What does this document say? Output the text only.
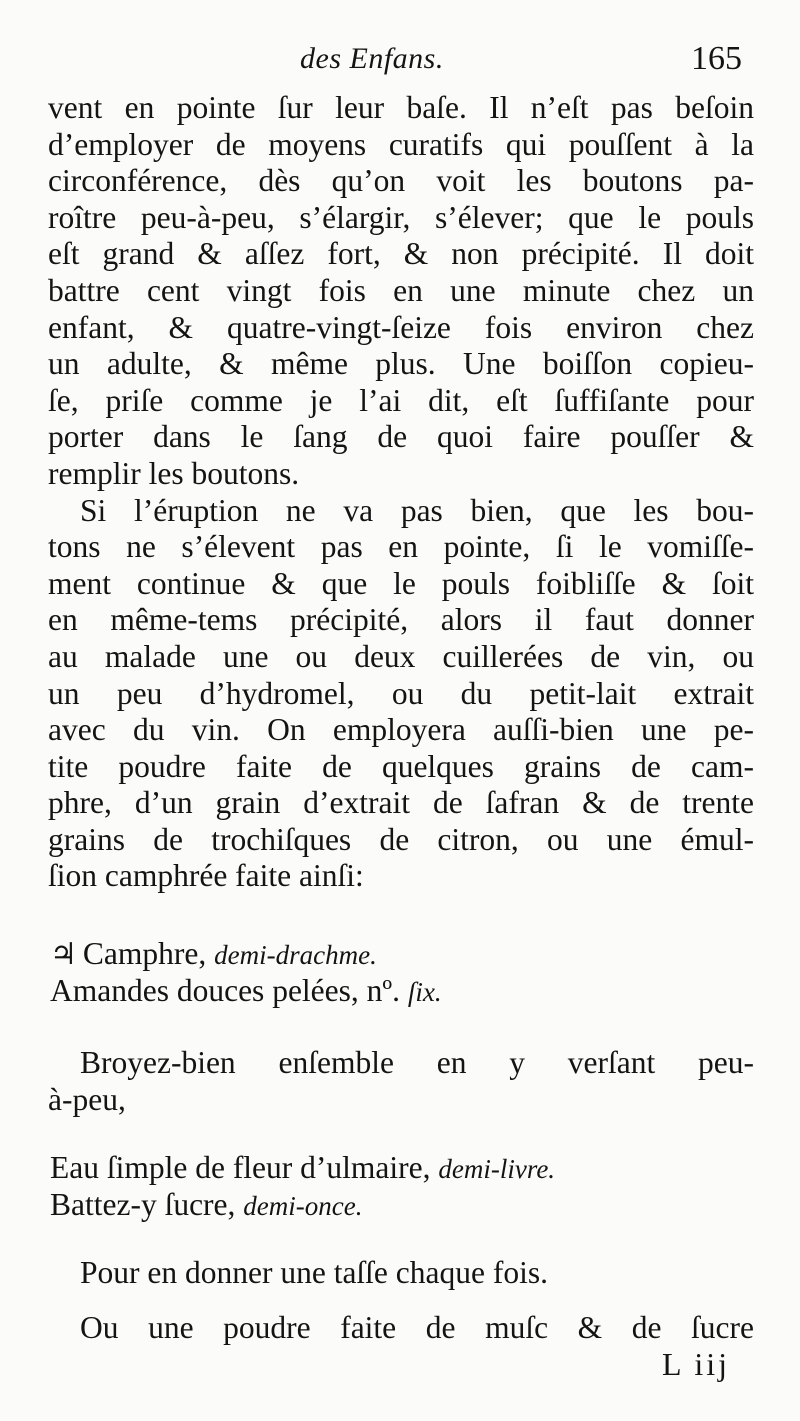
des Enfans.	165
vent en pointe ſur leur baſe. Il n’eſt pas beſoin
d’employer de moyens curatifs qui pouſſent à la
circonférence, dès qu’on voit les boutons pa-
roître peu-à-peu, s’élargir, s’élever; que le pouls
eſt grand & aſſez fort, & non précipité. Il doit
battre cent vingt fois en une minute chez un
enfant, & quatre-vingt-ſeize fois environ chez
un adulte, & même plus. Une boiſſon copieu-
ſe, priſe comme je l’ai dit, eſt ſuffiſante pour
porter dans le ſang de quoi faire pouſſer &
remplir les boutons.
Si l’éruption ne va pas bien, que les bou-
tons ne s’élevent pas en pointe, ſi le vomiſſe-
ment continue & que le pouls foibliſſe & ſoit
en même-tems précipité, alors il faut donner
au malade une ou deux cuillerées de vin, ou
un peu d’hydromel, ou du petit-lait extrait
avec du vin. On employera auſſi-bien une pe-
tite poudre faite de quelques grains de cam-
phre, d’un grain d’extrait de ſafran & de trente
grains de trochiſques de citron, ou une émul-
ſion camphrée faite ainſi:
♃ Camphre, demi-drachme.
Amandes douces pelées, nº. ſix.
Broyez-bien enſemble en y verſant peu-
à-peu,
Eau ſimple de fleur d’ulmaire, demi-livre.
Battez-y ſucre, demi-once.
Pour en donner une taſſe chaque fois.
Ou une poudre faite de muſc & de ſucre
L iij
